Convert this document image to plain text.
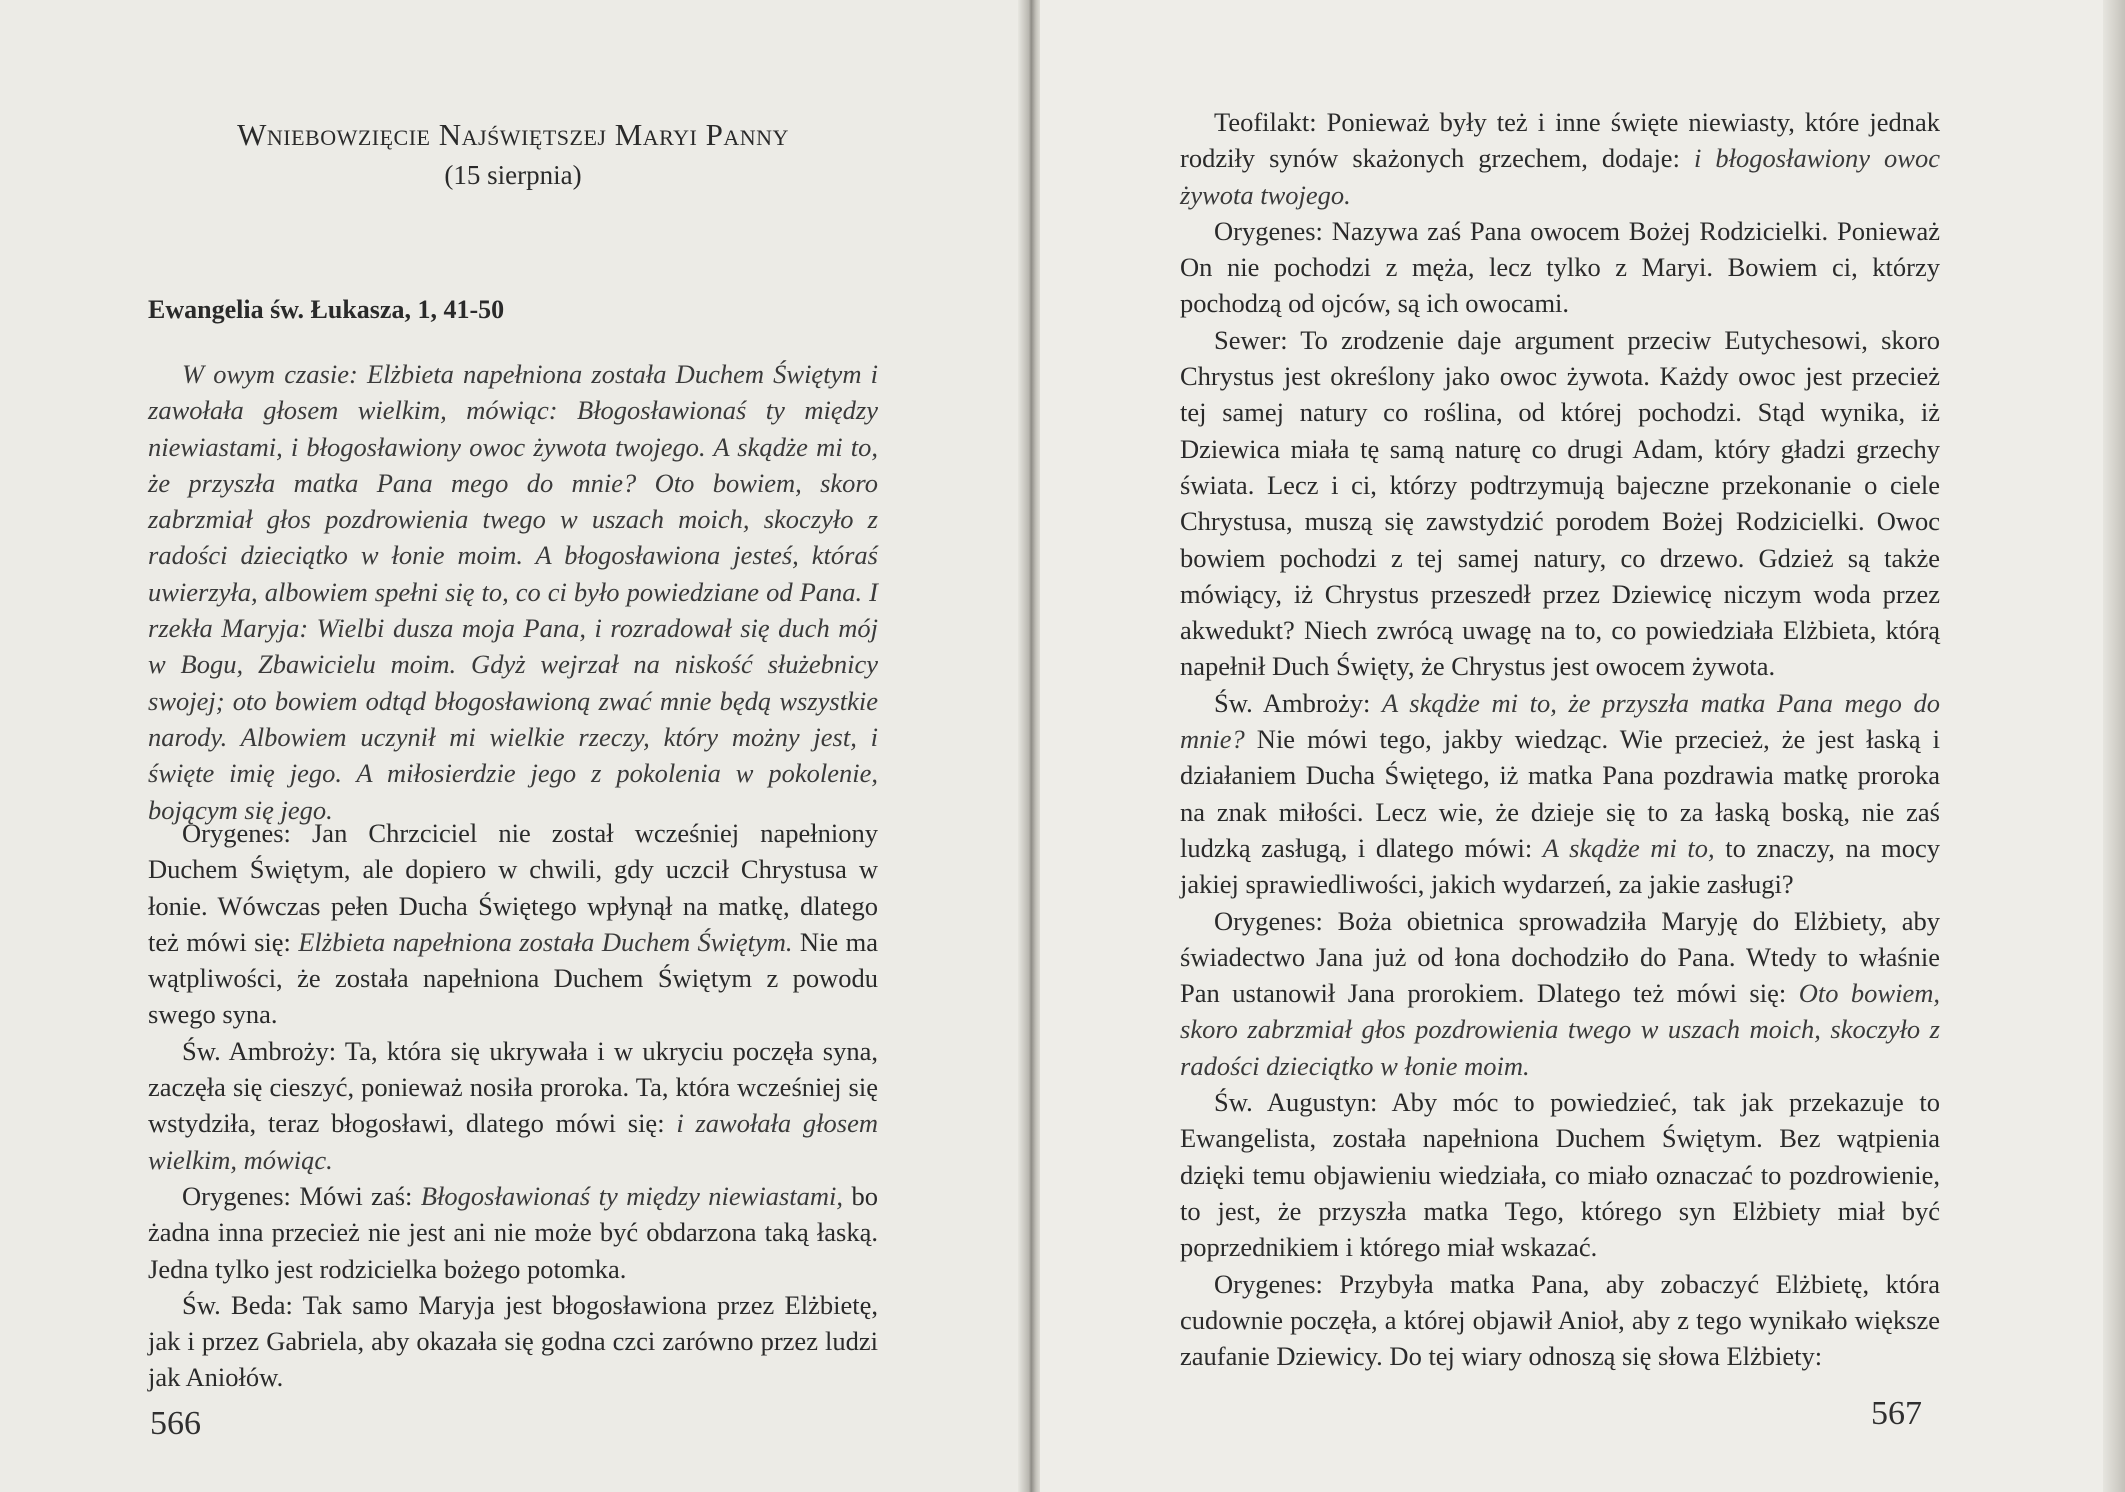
Wniebowzięcie Najświętszej Maryi Panny
(15 sierpnia)
Ewangelia św. Łukasza, 1, 41-50

W owym czasie: Elżbieta napełniona została Duchem Świętym i zawołała głosem wielkim, mówiąc: Błogosławionaś ty między niewiastami, i błogosławiony owoc żywota twojego. A skądże mi to, że przyszła matka Pana mego do mnie? Oto bowiem, skoro zabrzmiał głos pozdrowienia twego w uszach moich, skoczyło z radości dzieciątko w łonie moim. A błogosławiona jesteś, któraś uwierzyła, albowiem spełni się to, co ci było powiedziane od Pana. I rzekła Maryja: Wielbi dusza moja Pana, i rozradował się duch mój w Bogu, Zbawicielu moim. Gdyż wejrzał na niskość służebnicy swojej; oto bowiem odtąd błogosławioną zwać mnie będą wszystkie narody. Albowiem uczynił mi wielkie rzeczy, który możny jest, i święte imię jego. A miłosierdzie jego z pokolenia w pokolenie, bojącym się jego.

Orygenes: Jan Chrzciciel nie został wcześniej napełniony Duchem Świętym, ale dopiero w chwili, gdy uczcił Chrystusa w łonie. Wówczas pełen Ducha Świętego wpłynął na matkę, dlatego też mówi się: Elżbieta napełniona została Duchem Świętym. Nie ma wątpliwości, że została napełniona Duchem Świętym z powodu swego syna.

Św. Ambroży: Ta, która się ukrywała i w ukryciu poczęła syna, zaczęła się cieszyć, ponieważ nosiła proroka. Ta, która wcześniej się wstydziła, teraz błogosławi, dlatego mówi się: i zawołała głosem wielkim, mówiąc.

Orygenes: Mówi zaś: Błogosławionaś ty między niewiastami, bo żadna inna przecież nie jest ani nie może być obdarzona taką łaską. Jedna tylko jest rodzicielka bożego potomka.

Św. Beda: Tak samo Maryja jest błogosławiona przez Elżbietę, jak i przez Gabriela, aby okazała się godna czci zarówno przez ludzi jak Aniołów.

566

Teofilakt: Ponieważ były też i inne święte niewiasty, które jednak rodziły synów skażonych grzechem, dodaje: i błogosławiony owoc żywota twojego.

Orygenes: Nazywa zaś Pana owocem Bożej Rodzicielki. Ponieważ On nie pochodzi z męża, lecz tylko z Maryi. Bowiem ci, którzy pochodzą od ojców, są ich owocami.

Sewer: To zrodzenie daje argument przeciw Eutychesowi, skoro Chrystus jest określony jako owoc żywota. Każdy owoc jest przecież tej samej natury co roślina, od której pochodzi. Stąd wynika, iż Dziewica miała tę samą naturę co drugi Adam, który gładzi grzechy świata. Lecz i ci, którzy podtrzymują bajeczne przekonanie o ciele Chrystusa, muszą się zawstydzić porodem Bożej Rodzicielki. Owoc bowiem pochodzi z tej samej natury, co drzewo. Gdzież są także mówiący, iż Chrystus przeszedł przez Dziewicę niczym woda przez akwedukt? Niech zwrócą uwagę na to, co powiedziała Elżbieta, którą napełnił Duch Święty, że Chrystus jest owocem żywota.

Św. Ambroży: A skądże mi to, że przyszła matka Pana mego do mnie? Nie mówi tego, jakby wiedząc. Wie przecież, że jest łaską i działaniem Ducha Świętego, iż matka Pana pozdrawia matkę proroka na znak miłości. Lecz wie, że dzieje się to za łaską boską, nie zaś ludzką zasługą, i dlatego mówi: A skądże mi to, to znaczy, na mocy jakiej sprawiedliwości, jakich wydarzeń, za jakie zasługi?

Orygenes: Boża obietnica sprowadziła Maryję do Elżbiety, aby świadectwo Jana już od łona dochodziło do Pana. Wtedy to właśnie Pan ustanowił Jana prorokiem. Dlatego też mówi się: Oto bowiem, skoro zabrzmiał głos pozdrowienia twego w uszach moich, skoczyło z radości dzieciątko w łonie moim.

Św. Augustyn: Aby móc to powiedzieć, tak jak przekazuje to Ewangelista, została napełniona Duchem Świętym. Bez wątpienia dzięki temu objawieniu wiedziała, co miało oznaczać to pozdrowienie, to jest, że przyszła matka Tego, którego syn Elżbiety miał być poprzednikiem i którego miał wskazać.

Orygenes: Przybyła matka Pana, aby zobaczyć Elżbietę, która cudownie poczęła, a której objawił Anioł, aby z tego wynikało większe zaufanie Dziewicy. Do tej wiary odnoszą się słowa Elżbiety:

567
